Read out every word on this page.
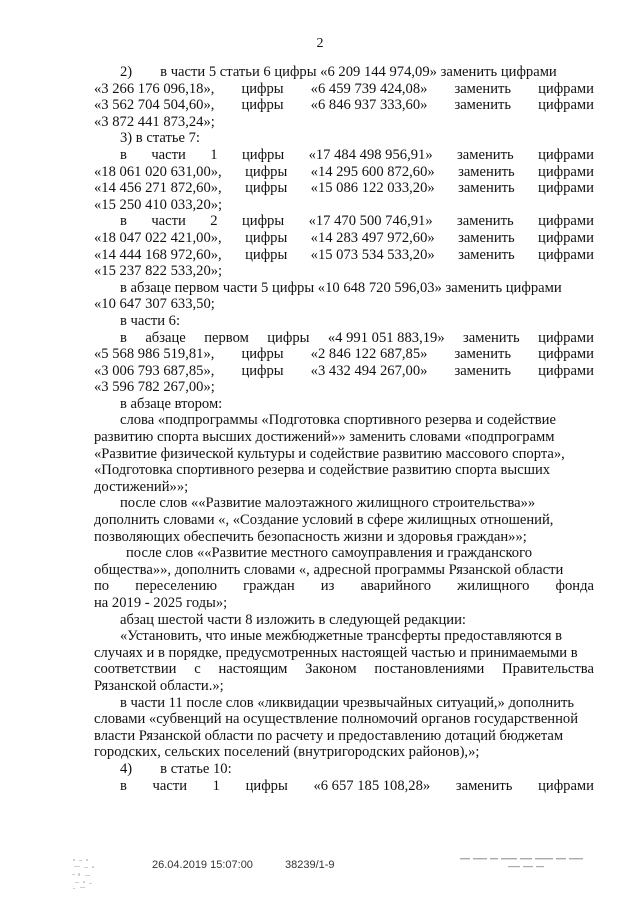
2
2) в части 5 статьи 6 цифры «6 209 144 974,09» заменить цифрами
«3 266 176 096,18», цифры «6 459 739 424,08» заменить цифрами
«3 562 704 504,60», цифры «6 846 937 333,60» заменить цифрами
«3 872 441 873,24»;
3) в статье 7:
в части 1 цифры «17 484 498 956,91» заменить цифрами
«18 061 020 631,00», цифры «14 295 600 872,60» заменить цифрами
«14 456 271 872,60», цифры «15 086 122 033,20» заменить цифрами
«15 250 410 033,20»;
в части 2 цифры «17 470 500 746,91» заменить цифрами
«18 047 022 421,00», цифры «14 283 497 972,60» заменить цифрами
«14 444 168 972,60», цифры «15 073 534 533,20» заменить цифрами
«15 237 822 533,20»;
в абзаце первом части 5 цифры «10 648 720 596,03» заменить цифрами
«10 647 307 633,50;
в части 6:
в абзаце первом цифры «4 991 051 883,19» заменить цифрами
«5 568 986 519,81», цифры «2 846 122 687,85» заменить цифрами
«3 006 793 687,85», цифры «3 432 494 267,00» заменить цифрами
«3 596 782 267,00»;
в абзаце втором:
слова «подпрограммы «Подготовка спортивного резерва и содействие
развитию спорта высших достижений»» заменить словами «подпрограмм
«Развитие физической культуры и содействие развитию массового спорта»,
«Подготовка спортивного резерва и содействие развитию спорта высших
достижений»»;
после слов ««Развитие малоэтажного жилищного строительства»»
дополнить словами «, «Создание условий в сфере жилищных отношений,
позволяющих обеспечить безопасность жизни и здоровья граждан»»;
после слов ««Развитие местного самоуправления и гражданского
общества»», дополнить словами «, адресной программы Рязанской области
по переселению граждан из аварийного жилищного фонда
на 2019 - 2025 годы»;
абзац шестой части 8 изложить в следующей редакции:
«Установить, что иные межбюджетные трансферты предоставляются в
случаях и в порядке, предусмотренных настоящей частью и принимаемыми в
соответствии с настоящим Законом постановлениями Правительства
Рязанской области.»;
в части 11 после слов «ликвидации чрезвычайных ситуаций,» дополнить
словами «субвенций на осуществление полномочий органов государственной
власти Рязанской области по расчету и предоставлению дотаций бюджетам
городских, сельских поселений (внутригородских районов),»;
4) в статье 10:
в части 1 цифры «6 657 185 108,28» заменить цифрами
26.04.2019 15:07:00	38239/1-9
